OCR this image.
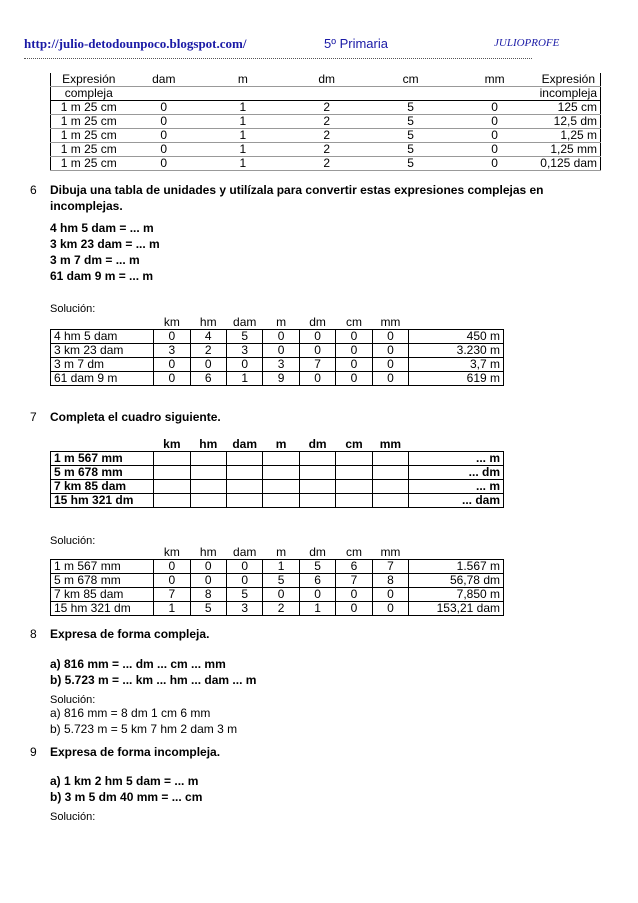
http://julio-detodounpoco.blogspot.com/	5º Primaria	JULIOPROFE
Expresión	dam	m	dm	cm	mm	Expresión
compleja						incompleja
1 m 25 cm	0	1	2	5	0	125 cm
1 m 25 cm	0	1	2	5	0	12,5 dm
1 m 25 cm	0	1	2	5	0	1,25 m
1 m 25 cm	0	1	2	5	0	1,25 mm
1 m 25 cm	0	1	2	5	0	0,125 dam
6 Dibuja una tabla de unidades y utilízala para convertir estas expresiones complejas en
incomplejas.
4 hm 5 dam = ... m
3 km 23 dam = ... m
3 m 7 dm = ... m
61 dam 9 m = ... m
Solución:
	km	hm	dam	m	dm	cm	mm	
4 hm 5 dam	0	4	5	0	0	0	0	450 m
3 km 23 dam	3	2	3	0	0	0	0	3.230 m
3 m 7 dm	0	0	0	3	7	0	0	3,7 m
61 dam 9 m	0	6	1	9	0	0	0	619 m
7 Completa el cuadro siguiente.
	km	hm	dam	m	dm	cm	mm	
1 m 567 mm								... m
5 m 678 mm								... dm
7 km 85 dam								... m
15 hm 321 dm								... dam
Solución:
	km	hm	dam	m	dm	cm	mm	
1 m 567 mm	0	0	0	1	5	6	7	1.567 m
5 m 678 mm	0	0	0	5	6	7	8	56,78 dm
7 km 85 dam	7	8	5	0	0	0	0	7,850 m
15 hm 321 dm	1	5	3	2	1	0	0	153,21 dam
8 Expresa de forma compleja.
a) 816 mm = ... dm ... cm ... mm
b) 5.723 m = ... km ... hm ... dam ... m
Solución:
a) 816 mm = 8 dm 1 cm 6 mm
b) 5.723 m = 5 km 7 hm 2 dam 3 m
9 Expresa de forma incompleja.
a) 1 km 2 hm 5 dam = ... m
b) 3 m 5 dm 40 mm = ... cm
Solución:
